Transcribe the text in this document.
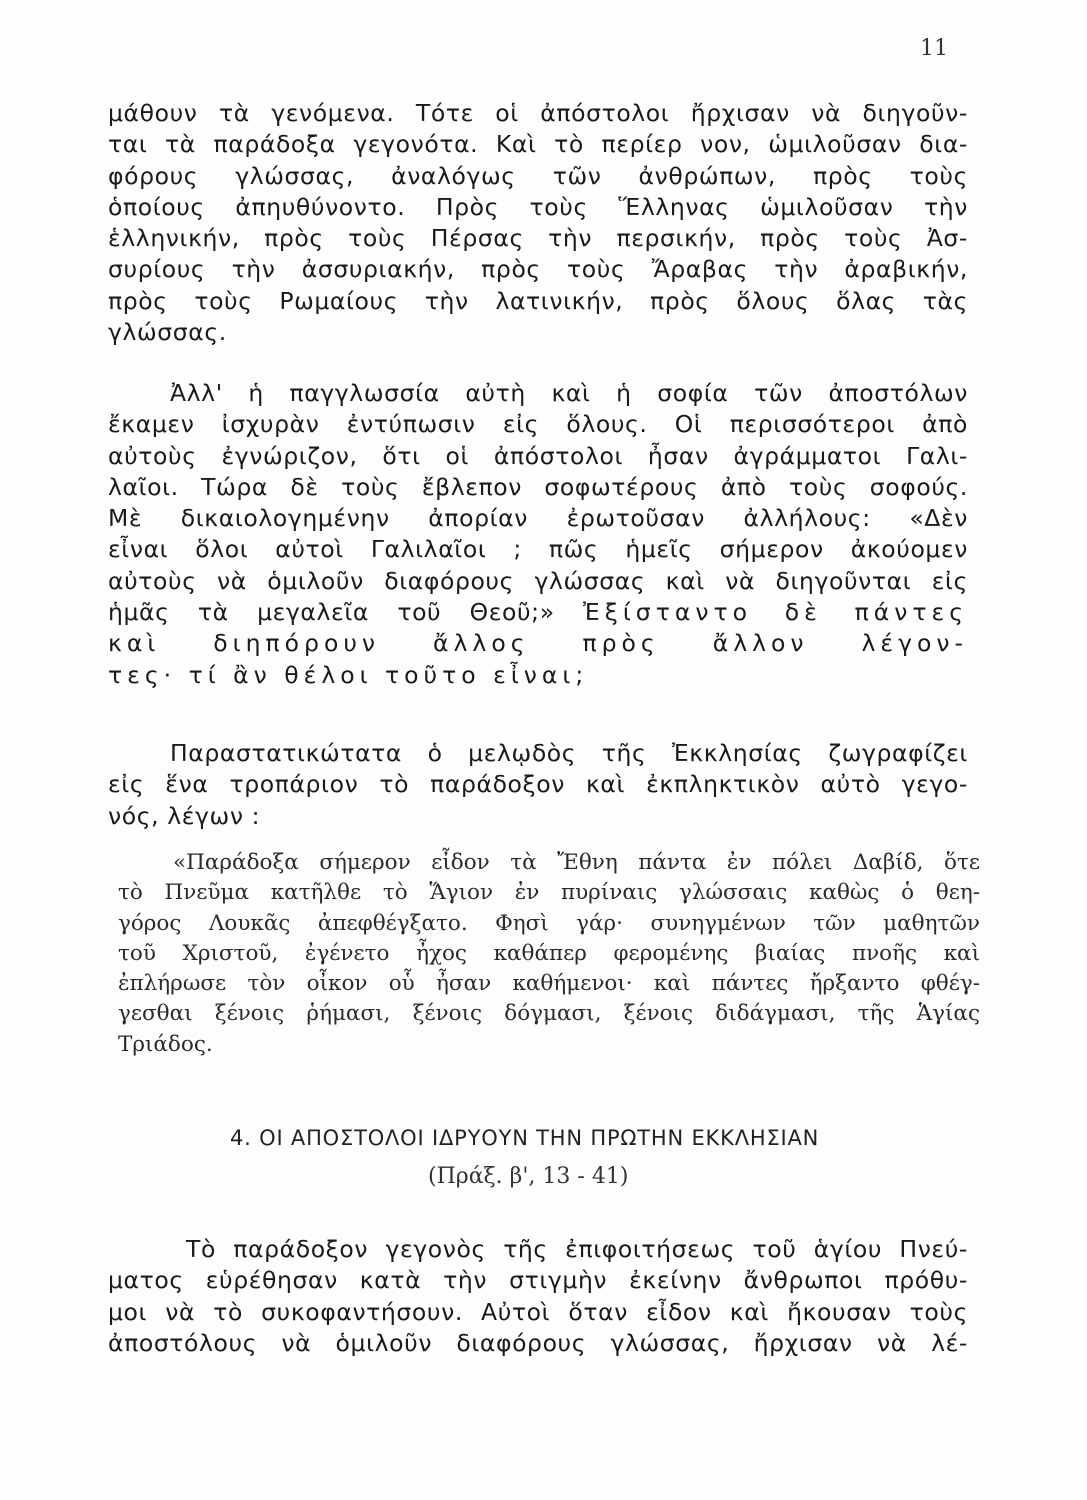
11
μάθουν τὰ γενόμενα. Τότε οἱ ἀπόστολοι ἤρχισαν νὰ διηγοῦν-
ται τὰ παράδοξα γεγονότα. Καὶ τὸ περίερ νον, ὡμιλοῦσαν δια-
φόρους γλώσσας, ἀναλόγως τῶν ἀνθρώπων, πρὸς τοὺς
ὁποίους ἀπηυθύνοντο. Πρὸς τοὺς Ἕλληνας ὡμιλοῦσαν τὴν
ἑλληνικήν, πρὸς τοὺς Πέρσας τὴν περσικήν, πρὸς τοὺς Ἀσ-
συρίους τὴν ἀσσυριακήν, πρὸς τοὺς Ἄραβας τὴν ἀραβικήν,
πρὸς τοὺς Ρωμαίους τὴν λατινικήν, πρὸς ὅλους ὅλας τὰς
γλώσσας.
Ἀλλ' ἡ παγγλωσσία αὐτὴ καὶ ἡ σοφία τῶν ἀποστόλων
ἔκαμεν ἰσχυρὰν ἐντύπωσιν εἰς ὅλους. Οἱ περισσότεροι ἀπὸ
αὐτοὺς ἐγνώριζον, ὅτι οἱ ἀπόστολοι ἦσαν ἀγράμματοι Γαλι-
λαῖοι. Τώρα δὲ τοὺς ἔβλεπον σοφωτέρους ἀπὸ τοὺς σοφούς.
Μὲ δικαιολογημένην ἀπορίαν ἐρωτοῦσαν ἀλλήλους: «Δὲν
εἶναι ὅλοι αὐτοὶ Γαλιλαῖοι ; πῶς ἡμεῖς σήμερον ἀκούομεν
αὐτοὺς νὰ ὁμιλοῦν διαφόρους γλώσσας καὶ νὰ διηγοῦνται εἰς
ἡμᾶς τὰ μεγαλεῖα τοῦ Θεοῦ;» Ἐξίσταντο δὲ πάντες
καὶ διηπόρουν ἄλλος πρὸς ἄλλον λέγον-
τες· τί ἂν θέλοι τοῦτο εἶναι;
Παραστατικώτατα ὁ μελῳδὸς τῆς Ἐκκλησίας ζωγραφίζει
εἰς ἕνα τροπάριον τὸ παράδοξον καὶ ἐκπληκτικὸν αὐτὸ γεγο-
νός, λέγων :
«Παράδοξα σήμερον εἶδον τὰ Ἔθνη πάντα ἐν πόλει Δαβίδ, ὅτε
τὸ Πνεῦμα κατῆλθε τὸ Ἅγιον ἐν πυρίναις γλώσσαις καθὼς ὁ θεη-
γόρος Λουκᾶς ἀπεφθέγξατο. Φησὶ γάρ· συνηγμένων τῶν μαθητῶν
τοῦ Χριστοῦ, ἐγένετο ἦχος καθάπερ φερομένης βιαίας πνοῆς καὶ
ἐπλήρωσε τὸν οἶκον οὗ ἦσαν καθήμενοι· καὶ πάντες ἤρξαντο φθέγ-
γεσθαι ξένοις ῥήμασι, ξένοις δόγμασι, ξένοις διδάγμασι, τῆς Ἁγίας
Τριάδος.
4. ΟΙ ΑΠΟΣΤΟΛΟΙ ΙΔΡΥΟΥΝ ΤΗΝ ΠΡΩΤΗΝ ΕΚΚΛΗΣΙΑΝ
(Πράξ. β', 13 - 41)
Τὸ παράδοξον γεγονὸς τῆς ἐπιφοιτήσεως τοῦ ἁγίου Πνεύ-
ματος εὑρέθησαν κατὰ τὴν στιγμὴν ἐκείνην ἄνθρωποι πρόθυ-
μοι νὰ τὸ συκοφαντήσουν. Αὐτοὶ ὅταν εἶδον καὶ ἤκουσαν τοὺς
ἀποστόλους νὰ ὁμιλοῦν διαφόρους γλώσσας, ἤρχισαν νὰ λέ-
